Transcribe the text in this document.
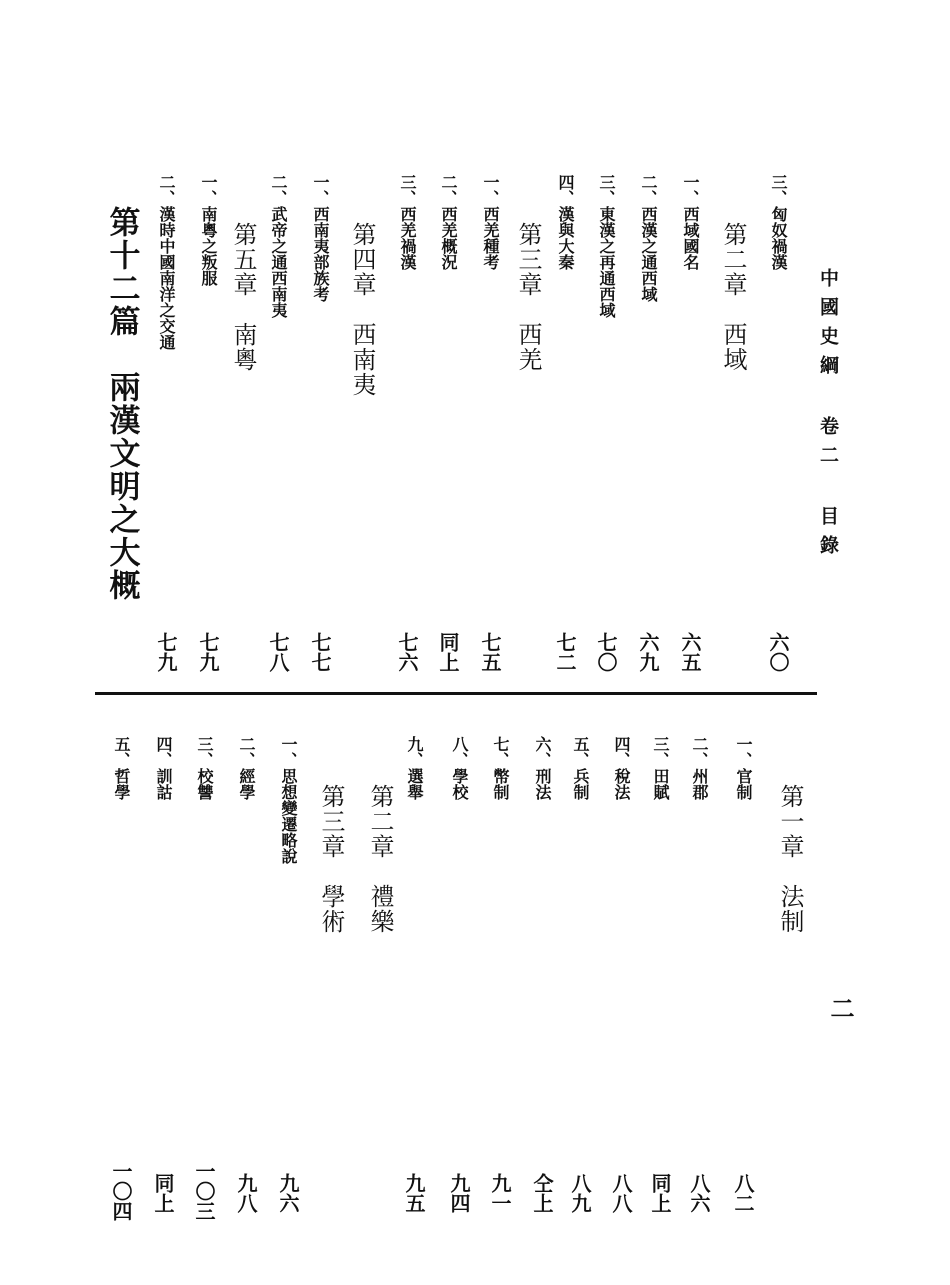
中國史綱 卷二 目錄
二
三、匈奴禍漢
六〇
第二章　西域
一、西域國名
六五
二、西漢之通西域
六九
三、東漢之再通西域
七〇
四、漢與大秦
七二
第三章　西羌
一、西羌種考
七五
二、西羌概況
同上
三、西羌禍漢
七六
第四章　西南夷
一、西南夷部族考
七七
二、武帝之通西南夷
七八
第五章　南粵
一、南粵之叛服
七九
二、漢時中國南洋之交通
七九
第十二篇　兩漢文明之大概
第一章　法制
一、官制
八二
二、州郡
八六
三、田賦
同上
四、稅法
八八
五、兵制
八九
六、刑法
仝上
七、幣制
九一
八、學校
九四
九、選舉
九五
第二章　禮樂
第三章　學術
一、思想變遷略說
九六
二、經學
九八
三、校讐
一〇三
四、訓詁
同上
五、哲學
一〇四
